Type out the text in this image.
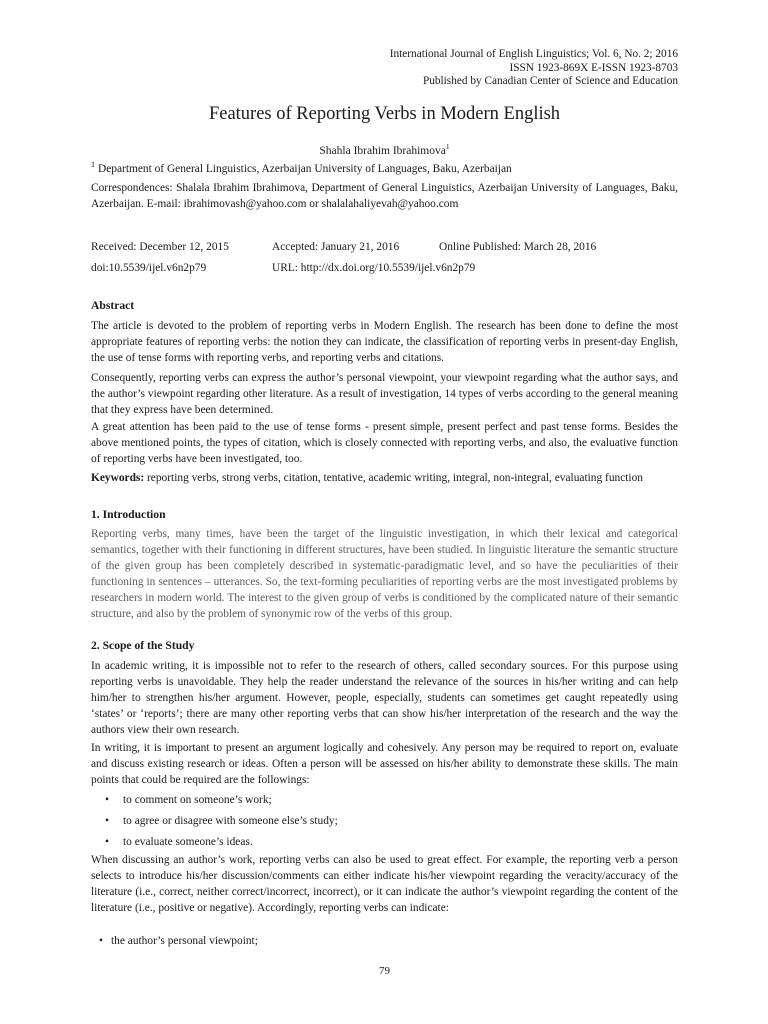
International Journal of English Linguistics; Vol. 6, No. 2; 2016
ISSN 1923-869X E-ISSN 1923-8703
Published by Canadian Center of Science and Education
Features of Reporting Verbs in Modern English
Shahla Ibrahim Ibrahimova$^1$
$^1$ Department of General Linguistics, Azerbaijan University of Languages, Baku, Azerbaijan

Correspondences: Shalala Ibrahim Ibrahimova, Department of General Linguistics, Azerbaijan University of Languages, Baku, Azerbaijan. E-mail: ibrahimovash@yahoo.com or shalalahaliyevah@yahoo.com

Received: December 12, 2015	Accepted: January 21, 2016	Online Published: March 28, 2016
doi:10.5539/ijel.v6n2p79	URL: http://dx.doi.org/10.5539/ijel.v6n2p79
Abstract

The article is devoted to the problem of reporting verbs in Modern English. The research has been done to define the most appropriate features of reporting verbs: the notion they can indicate, the classification of reporting verbs in present-day English, the use of tense forms with reporting verbs, and reporting verbs and citations.

Consequently, reporting verbs can express the author’s personal viewpoint, your viewpoint regarding what the author says, and the author’s viewpoint regarding other literature. As a result of investigation, 14 types of verbs according to the general meaning that they express have been determined.

A great attention has been paid to the use of tense forms - present simple, present perfect and past tense forms. Besides the above mentioned points, the types of citation, which is closely connected with reporting verbs, and also, the evaluative function of reporting verbs have been investigated, too.

Keywords: reporting verbs, strong verbs, citation, tentative, academic writing, integral, non-integral, evaluating function

1. Introduction

Reporting verbs, many times, have been the target of the linguistic investigation, in which their lexical and categorical semantics, together with their functioning in different structures, have been studied. In linguistic literature the semantic structure of the given group has been completely described in systematic-paradigmatic level, and so have the peculiarities of their functioning in sentences – utterances. So, the text-forming peculiarities of reporting verbs are the most investigated problems by researchers in modern world. The interest to the given group of verbs is conditioned by the complicated nature of their semantic structure, and also by the problem of synonymic row of the verbs of this group.

2. Scope of the Study

In academic writing, it is impossible not to refer to the research of others, called secondary sources. For this purpose using reporting verbs is unavoidable. They help the reader understand the relevance of the sources in his/her writing and can help him/her to strengthen his/her argument. However, people, especially, students can sometimes get caught repeatedly using ‘states’ or ‘reports’; there are many other reporting verbs that can show his/her interpretation of the research and the way the authors view their own research.

In writing, it is important to present an argument logically and cohesively. Any person may be required to report on, evaluate and discuss existing research or ideas. Often a person will be assessed on his/her ability to demonstrate these skills. The main points that could be required are the followings:

• to comment on someone’s work;
• to agree or disagree with someone else’s study;
• to evaluate someone’s ideas.

When discussing an author’s work, reporting verbs can also be used to great effect. For example, the reporting verb a person selects to introduce his/her discussion/comments can either indicate his/her viewpoint regarding the veracity/accuracy of the literature (i.e., correct, neither correct/incorrect, incorrect), or it can indicate the author’s viewpoint regarding the content of the literature (i.e., positive or negative). Accordingly, reporting verbs can indicate:

• the author’s personal viewpoint;
79
